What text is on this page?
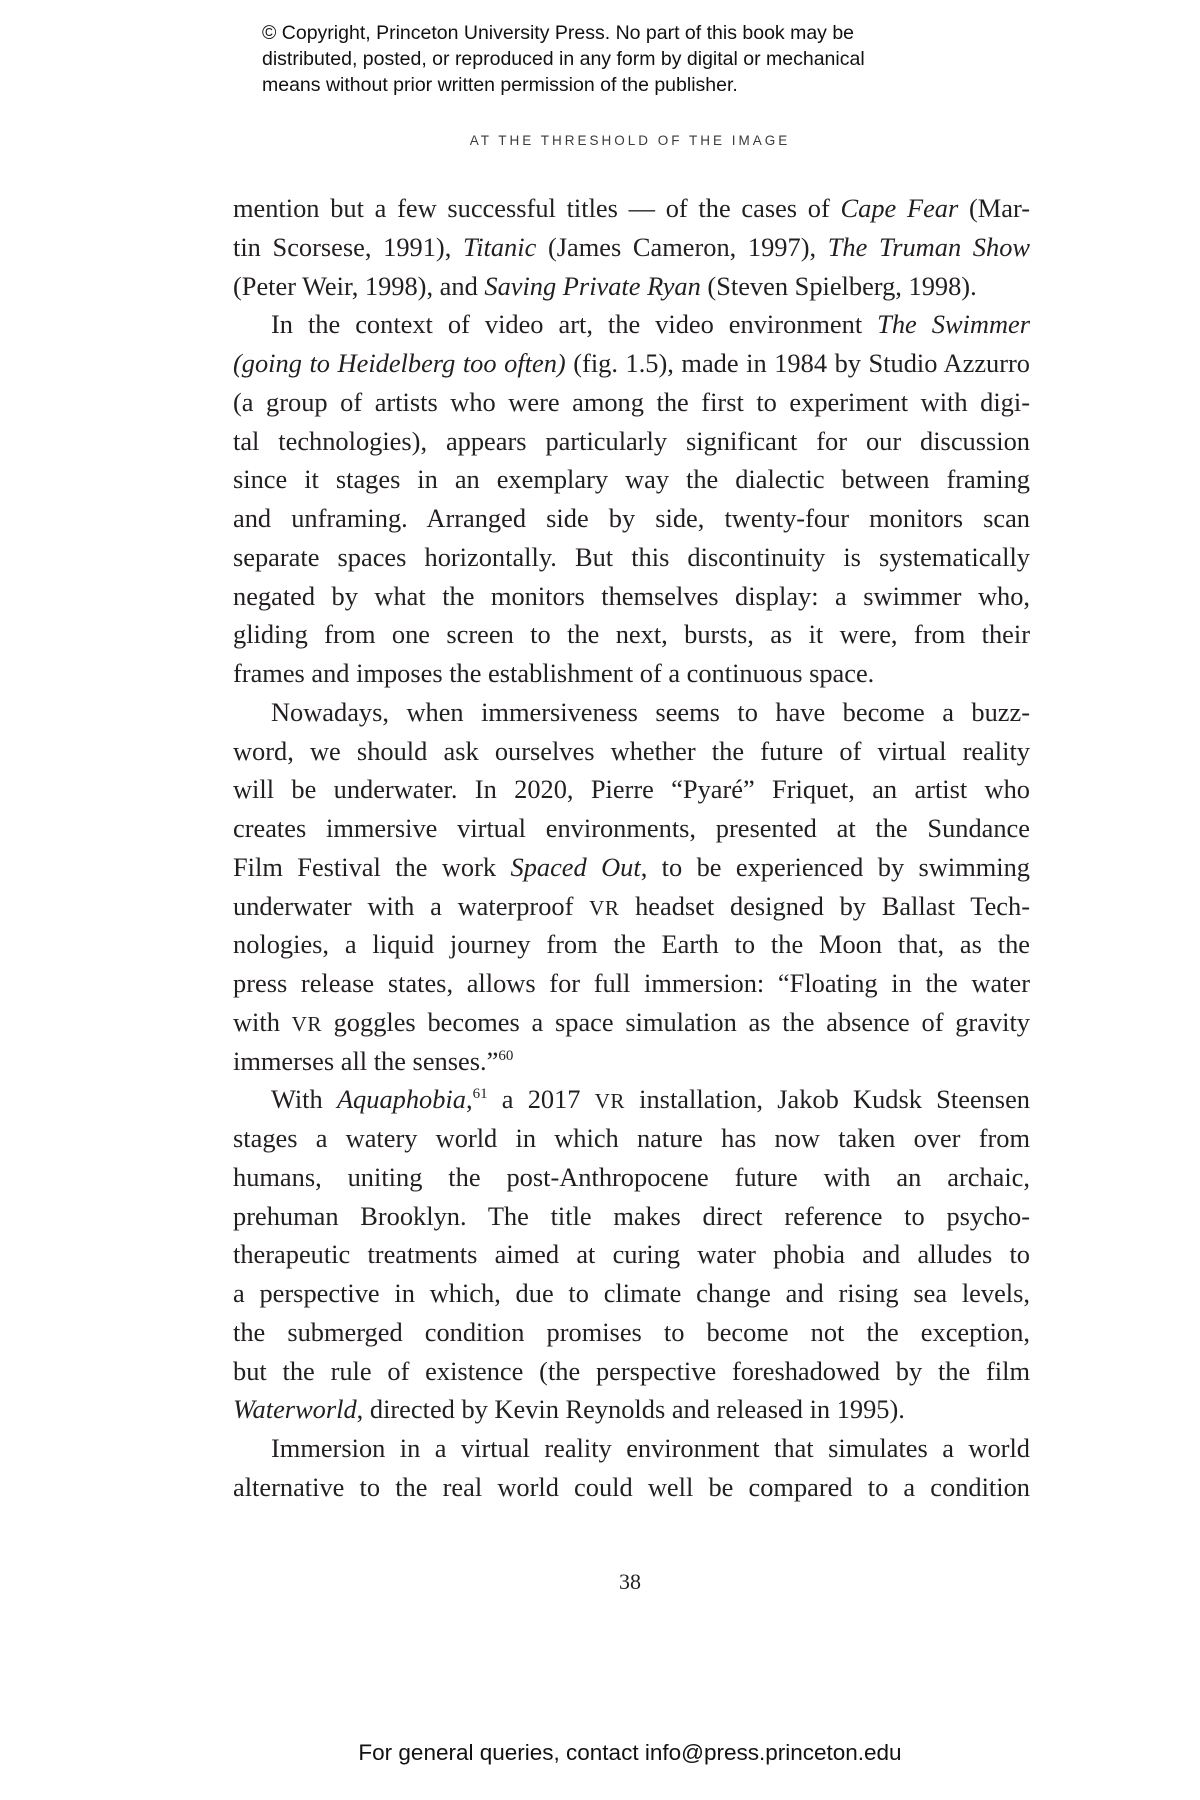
© Copyright, Princeton University Press. No part of this book may be
distributed, posted, or reproduced in any form by digital or mechanical
means without prior written permission of the publisher.
AT THE THRESHOLD OF THE IMAGE
mention but a few successful titles — of the cases of Cape Fear (Mar-
tin Scorsese, 1991), Titanic (James Cameron, 1997), The Truman Show
(Peter Weir, 1998), and Saving Private Ryan (Steven Spielberg, 1998).
In the context of video art, the video environment The Swimmer
(going to Heidelberg too often) (fig. 1.5), made in 1984 by Studio Azzurro
(a group of artists who were among the first to experiment with digi-
tal technologies), appears particularly significant for our discussion
since it stages in an exemplary way the dialectic between framing
and unframing. Arranged side by side, twenty-four monitors scan
separate spaces horizontally. But this discontinuity is systematically
negated by what the monitors themselves display: a swimmer who,
gliding from one screen to the next, bursts, as it were, from their
frames and imposes the establishment of a continuous space.
Nowadays, when immersiveness seems to have become a buzz-
word, we should ask ourselves whether the future of virtual reality
will be underwater. In 2020, Pierre “Pyaré” Friquet, an artist who
creates immersive virtual environments, presented at the Sundance
Film Festival the work Spaced Out, to be experienced by swimming
underwater with a waterproof VR headset designed by Ballast Tech-
nologies, a liquid journey from the Earth to the Moon that, as the
press release states, allows for full immersion: “Floating in the water
with VR goggles becomes a space simulation as the absence of gravity
immerses all the senses.”$^{60}$
With Aquaphobia,$^{61}$ a 2017 VR installation, Jakob Kudsk Steensen
stages a watery world in which nature has now taken over from
humans, uniting the post-Anthropocene future with an archaic,
prehuman Brooklyn. The title makes direct reference to psycho-
therapeutic treatments aimed at curing water phobia and alludes to
a perspective in which, due to climate change and rising sea levels,
the submerged condition promises to become not the exception,
but the rule of existence (the perspective foreshadowed by the film
Waterworld, directed by Kevin Reynolds and released in 1995).
Immersion in a virtual reality environment that simulates a world
alternative to the real world could well be compared to a condition
38
For general queries, contact info@press.princeton.edu
